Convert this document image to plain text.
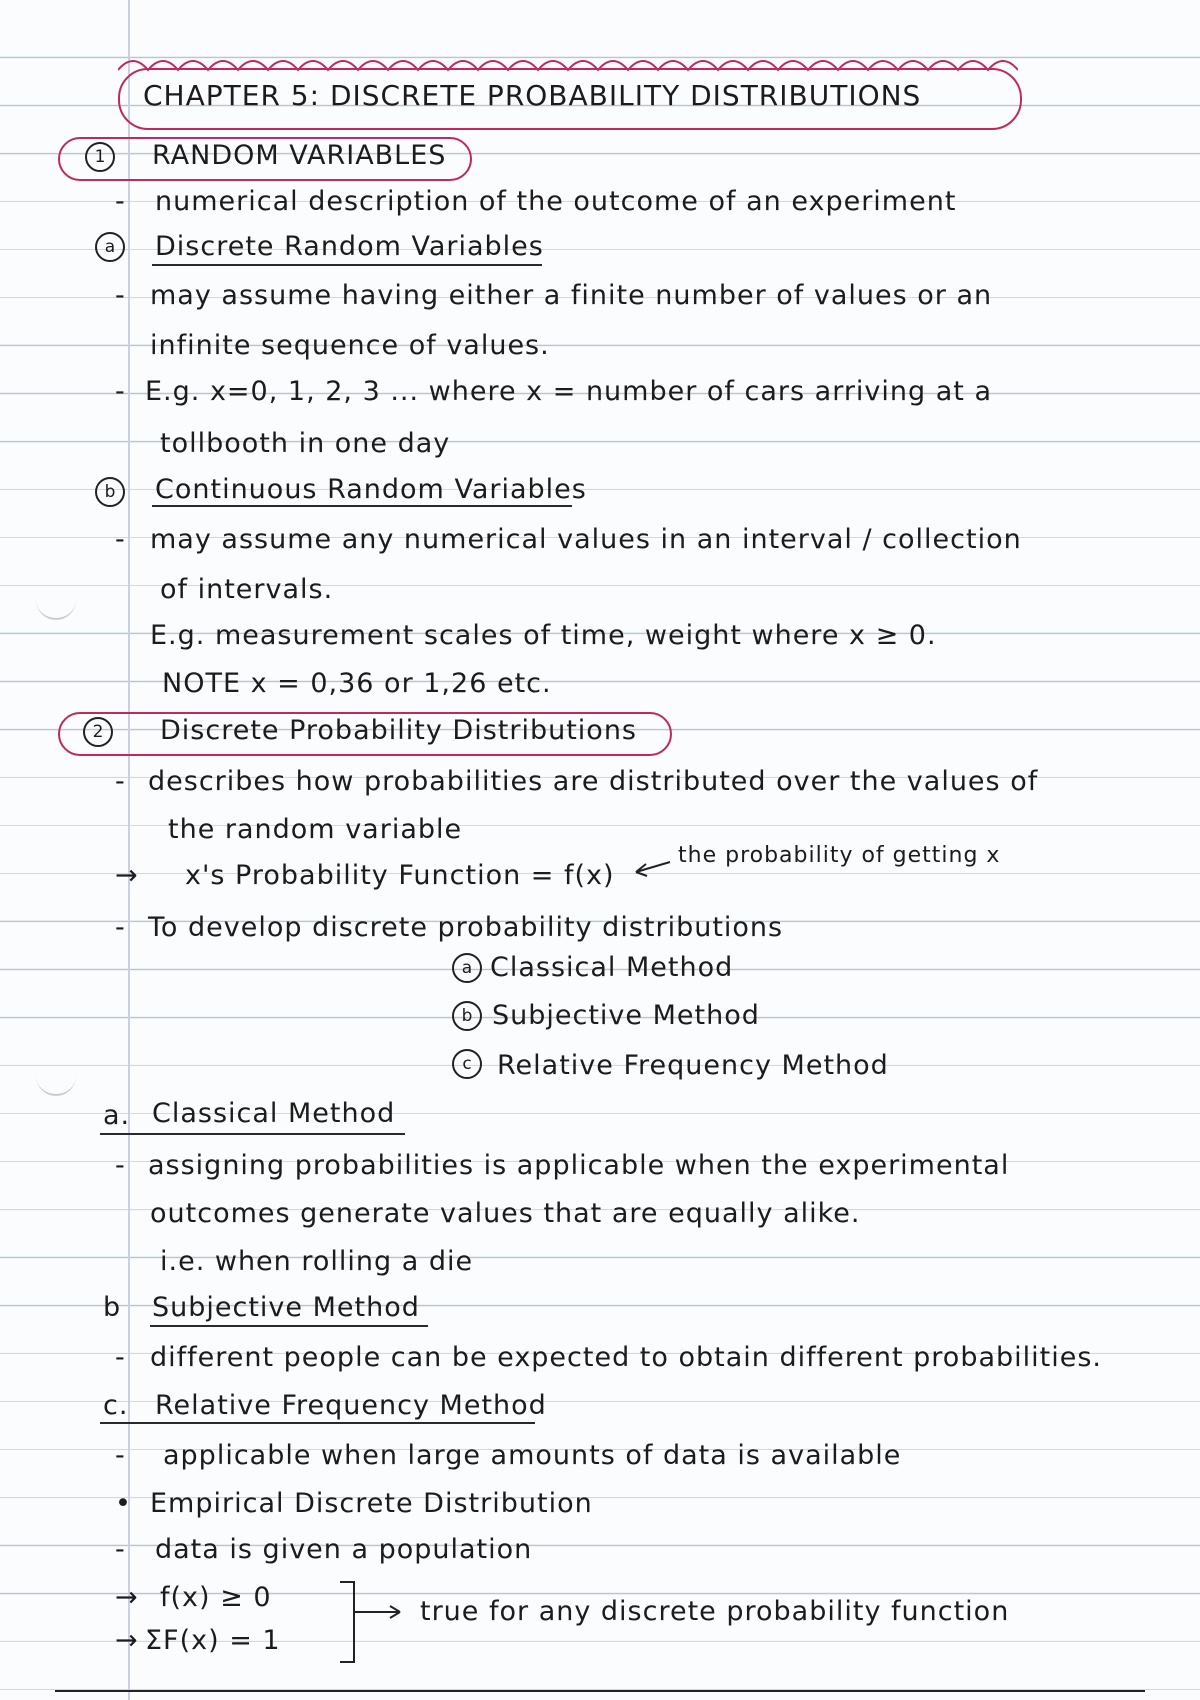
CHAPTER 5: DISCRETE PROBABILITY DISTRIBUTIONS
1	RANDOM VARIABLES
- numerical description of the outcome of an experiment
a	Discrete Random Variables
- may assume having either a finite number of values or an
infinite sequence of values.
- E.g. x=0, 1, 2, 3 ... where x = number of cars arriving at a
tollbooth in one day
b	Continuous Random Variables
- may assume any numerical values in an interval / collection
of intervals.
E.g. measurement scales of time, weight where x ≥ 0.
NOTE x = 0,36 or 1,26 etc.
2	Discrete Probability Distributions
- describes how probabilities are distributed over the values of
the random variable
→ x's Probability Function = f(x)
the probability of getting x
- To develop discrete probability distributions
a Classical Method
b Subjective Method
c Relative Frequency Method
a. Classical Method
- assigning probabilities is applicable when the experimental
outcomes generate values that are equally alike.
i.e. when rolling a die
b Subjective Method
- different people can be expected to obtain different probabilities.
c. Relative Frequency Method
- applicable when large amounts of data is available
• Empirical Discrete Distribution
- data is given a population
→ f(x) ≥ 0
→ ΣF(x) = 1
true for any discrete probability function
